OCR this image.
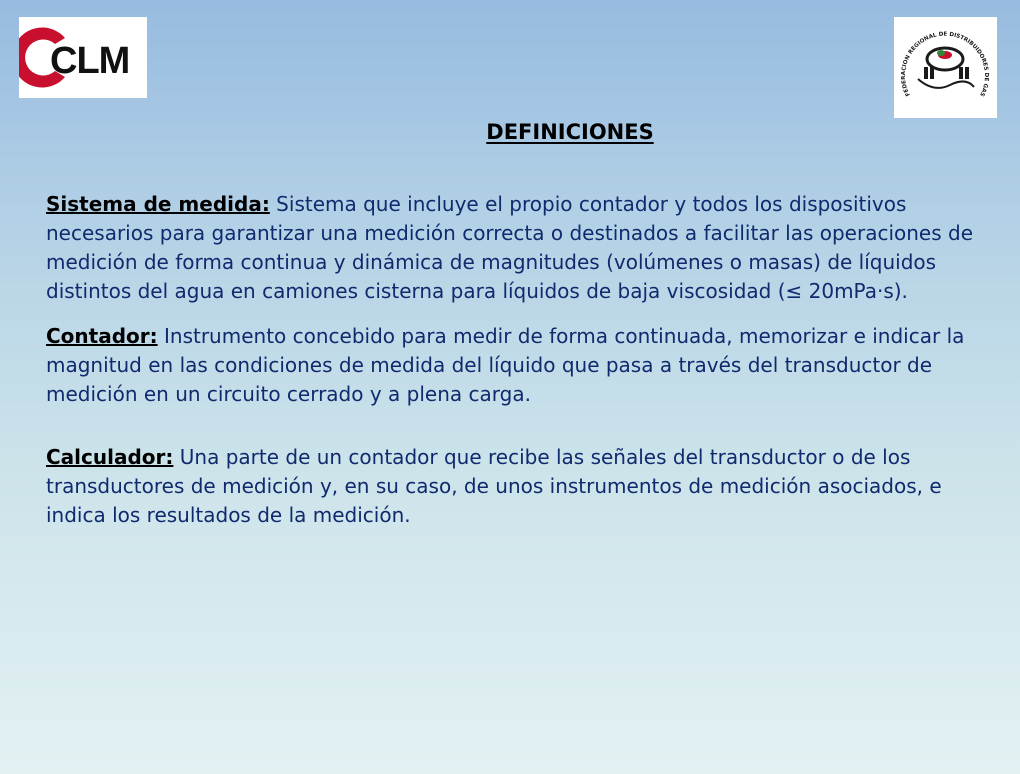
CLM
FEDERACION REGIONAL DE DISTRIBUIDORES DE GAS
DEFINICIONES

Sistema de medida: Sistema que incluye el propio contador y todos los dispositivos necesarios para garantizar una medición correcta o destinados a facilitar las operaciones de medición de forma continua y dinámica de magnitudes (volúmenes o masas) de líquidos distintos del agua en camiones cisterna para líquidos de baja viscosidad (≤ 20mPa·s).

Contador: Instrumento concebido para medir de forma continuada, memorizar e indicar la magnitud en las condiciones de medida del líquido que pasa a través del transductor de medición en un circuito cerrado y a plena carga.

Calculador: Una parte de un contador que recibe las señales del transductor o de los transductores de medición y, en su caso, de unos instrumentos de medición asociados, e indica los resultados de la medición.
